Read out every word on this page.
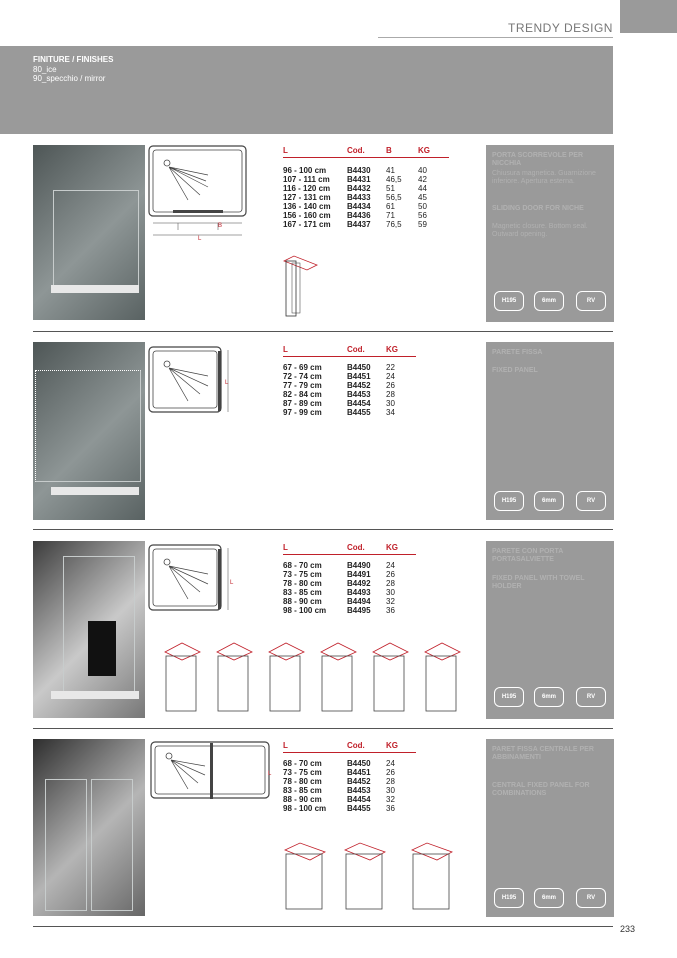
TRENDY DESIGN
FINITURE / FINISHES
80_ice
90_specchio / mirror
B
L
L	Cod.	B	KG
96 - 100 cm	B4430 41	40
107 - 111 cm B4431 46,5 42
116 - 120 cm B4432 51	44
127 - 131 cm B4433 56,5 45
136 - 140 cm B4434 61	50
156 - 160 cm B4436 71	56
167 - 171 cm B4437 76,5 59
PORTA SCORREVOLE PER NICCHIA
Chiusura magnetica. Guarnizione inferiore. Apertura esterna.
SLIDING DOOR FOR NICHE
Magnetic closure. Bottom seal. Outward opening.
H195	6mm	RV
L
L	Cod.	KG
67 - 69 cm	B4450 22
72 - 74 cm	B4451 24
77 - 79 cm	B4452 26
82 - 84 cm	B4453 28
87 - 89 cm	B4454 30
97 - 99 cm	B4455 34
PARETE FISSA
FIXED PANEL
H195	6mm	RV
L
L	Cod.	KG
68 - 70 cm	B4490 24
73 - 75 cm	B4491 26
78 - 80 cm	B4492 28
83 - 85 cm	B4493 30
88 - 90 cm	B4494 32
98 - 100 cm	B4495 36
PARETE CON PORTA PORTASALVIETTE
FIXED PANEL WITH TOWEL HOLDER
H195	6mm	RV
L
L	Cod.	KG
68 - 70 cm	B4450 24
73 - 75 cm	B4451 26
78 - 80 cm	B4452 28
83 - 85 cm	B4453 30
88 - 90 cm	B4454 32
98 - 100 cm	B4455 36
PARET FISSA CENTRALE PER ABBINAMENTI
CENTRAL FIXED PANEL FOR COMBINATIONS
H195	6mm	RV
233
